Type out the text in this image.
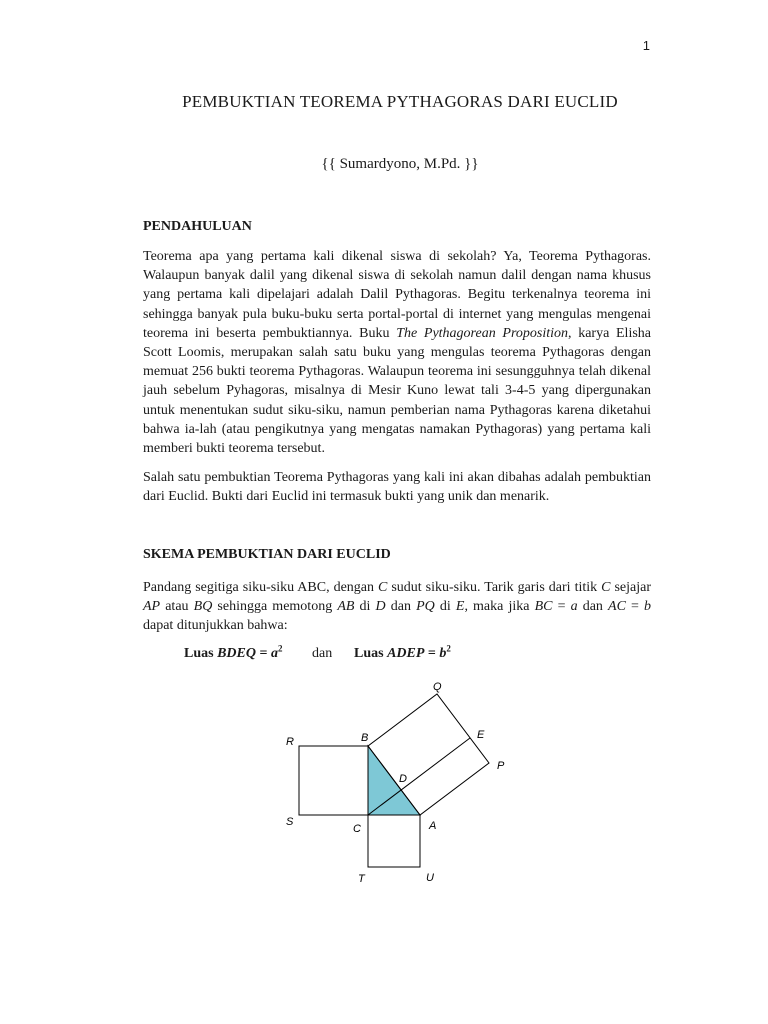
1
PEMBUKTIAN TEOREMA PYTHAGORAS DARI EUCLID
{{ Sumardyono, M.Pd. }}
PENDAHULUAN
Teorema apa yang pertama kali dikenal siswa di sekolah? Ya, Teorema Pythagoras. Walaupun banyak dalil yang dikenal siswa di sekolah namun dalil dengan nama khusus yang pertama kali dipelajari adalah Dalil Pythagoras. Begitu terkenalnya teorema ini sehingga banyak pula buku-buku serta portal-portal di internet yang mengulas mengenai teorema ini beserta pembuktiannya. Buku The Pythagorean Proposition, karya Elisha Scott Loomis, merupakan salah satu buku yang mengulas teorema Pythagoras dengan memuat 256 bukti teorema Pythagoras. Walaupun teorema ini sesungguhnya telah dikenal jauh sebelum Pyhagoras, misalnya di Mesir Kuno lewat tali 3-4-5 yang dipergunakan untuk menentukan sudut siku-siku, namun pemberian nama Pythagoras karena diketahui bahwa ia-lah (atau pengikutnya yang mengatas namakan Pythagoras) yang pertama kali memberi bukti teorema tersebut.
Salah satu pembuktian Teorema Pythagoras yang kali ini akan dibahas adalah pembuktian dari Euclid. Bukti dari Euclid ini termasuk bukti yang unik dan menarik.
SKEMA PEMBUKTIAN DARI EUCLID
Pandang segitiga siku-siku ABC, dengan C sudut siku-siku. Tarik garis dari titik C sejajar AP atau BQ sehingga memotong AB di D dan PQ di E, maka jika BC = a dan AC = b dapat ditunjukkan bahwa:
Luas BDEQ = $a^2$ dan Luas ADEP = $b^2$
Q
R	B	E
P
D
S
C	A
T	U
